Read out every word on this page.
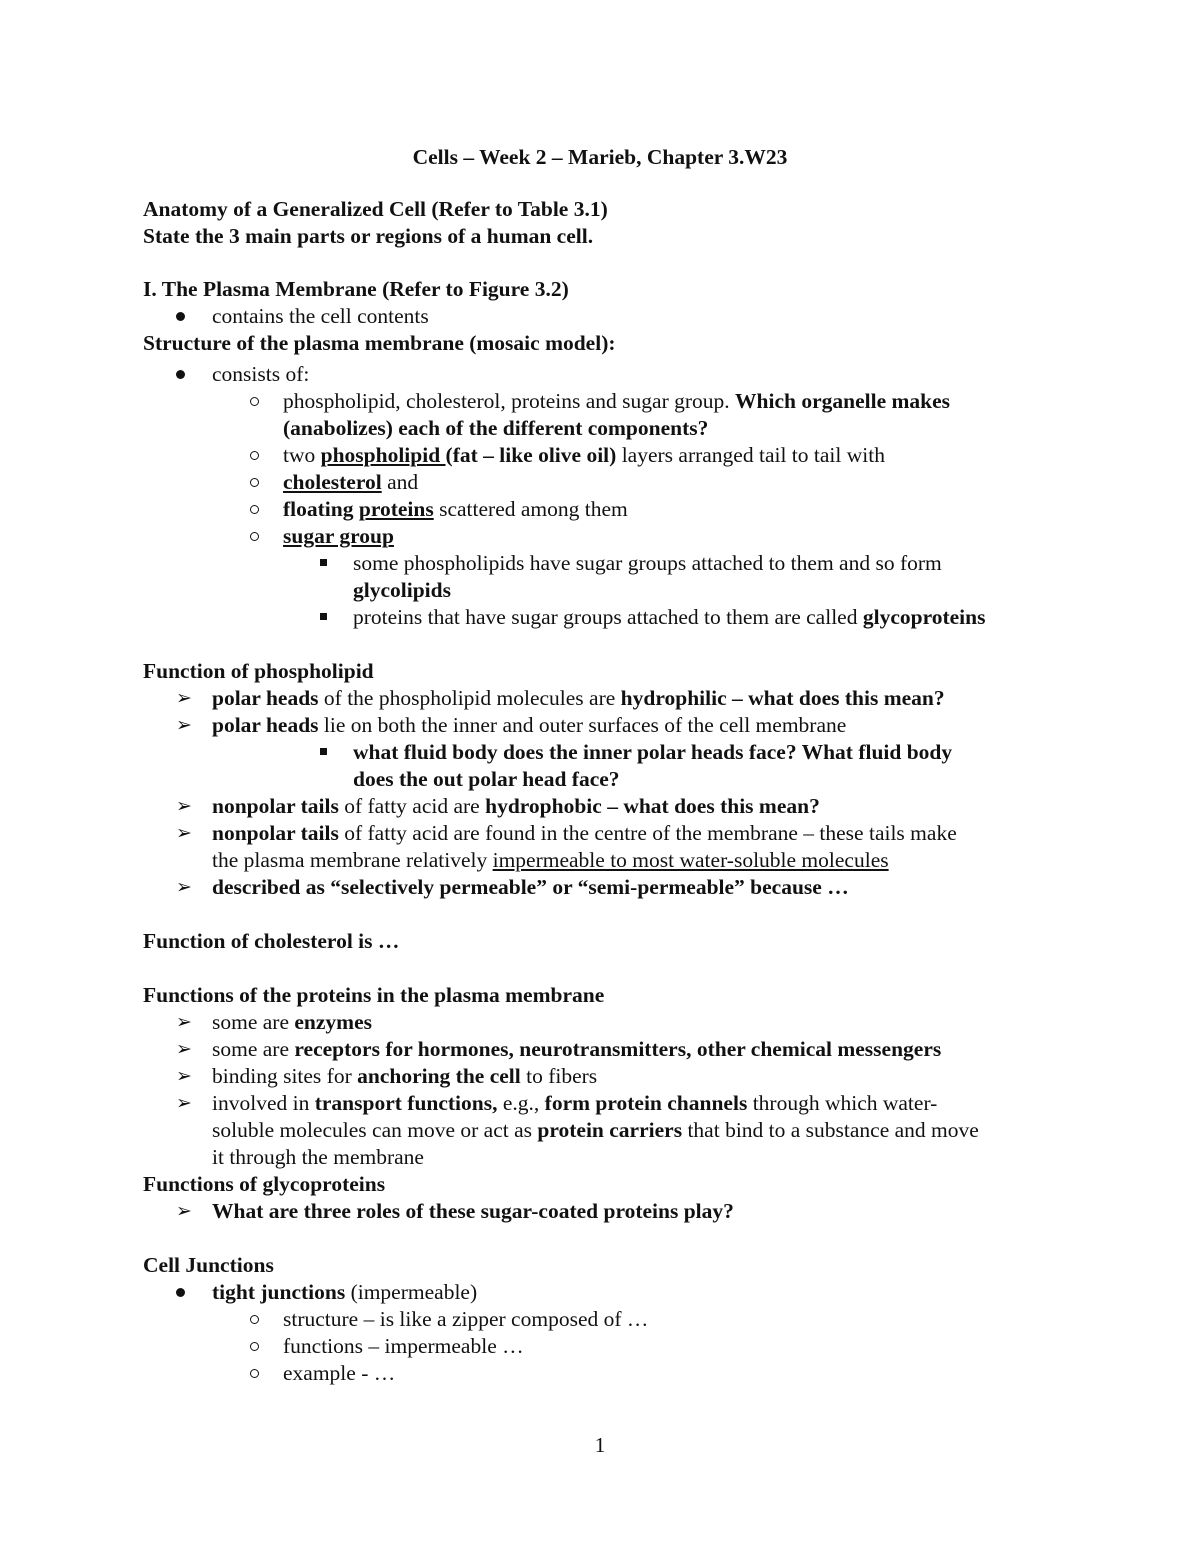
Cells – Week 2 – Marieb, Chapter 3.W23
Anatomy of a Generalized Cell (Refer to Table 3.1)
State the 3 main parts or regions of a human cell.
I. The Plasma Membrane (Refer to Figure 3.2)
contains the cell contents
Structure of the plasma membrane (mosaic model):
consists of:
phospholipid, cholesterol, proteins and sugar group. Which organelle makes
(anabolizes) each of the different components?
two phospholipid (fat – like olive oil) layers arranged tail to tail with
cholesterol and
floating proteins scattered among them
sugar group
some phospholipids have sugar groups attached to them and so form
glycolipids
proteins that have sugar groups attached to them are called glycoproteins
Function of phospholipid
➢ polar heads of the phospholipid molecules are hydrophilic – what does this mean?
➢ polar heads lie on both the inner and outer surfaces of the cell membrane
what fluid body does the inner polar heads face? What fluid body
does the out polar head face?
➢ nonpolar tails of fatty acid are hydrophobic – what does this mean?
➢ nonpolar tails of fatty acid are found in the centre of the membrane – these tails make
the plasma membrane relatively impermeable to most water-soluble molecules
➢ described as “selectively permeable” or “semi-permeable” because …
Function of cholesterol is …
Functions of the proteins in the plasma membrane
➢ some are enzymes
➢ some are receptors for hormones, neurotransmitters, other chemical messengers
➢ binding sites for anchoring the cell to fibers
➢ involved in transport functions, e.g., form protein channels through which water-
soluble molecules can move or act as protein carriers that bind to a substance and move
it through the membrane
Functions of glycoproteins
➢ What are three roles of these sugar-coated proteins play?
Cell Junctions
tight junctions (impermeable)
structure – is like a zipper composed of …
functions – impermeable …
example - …
1
